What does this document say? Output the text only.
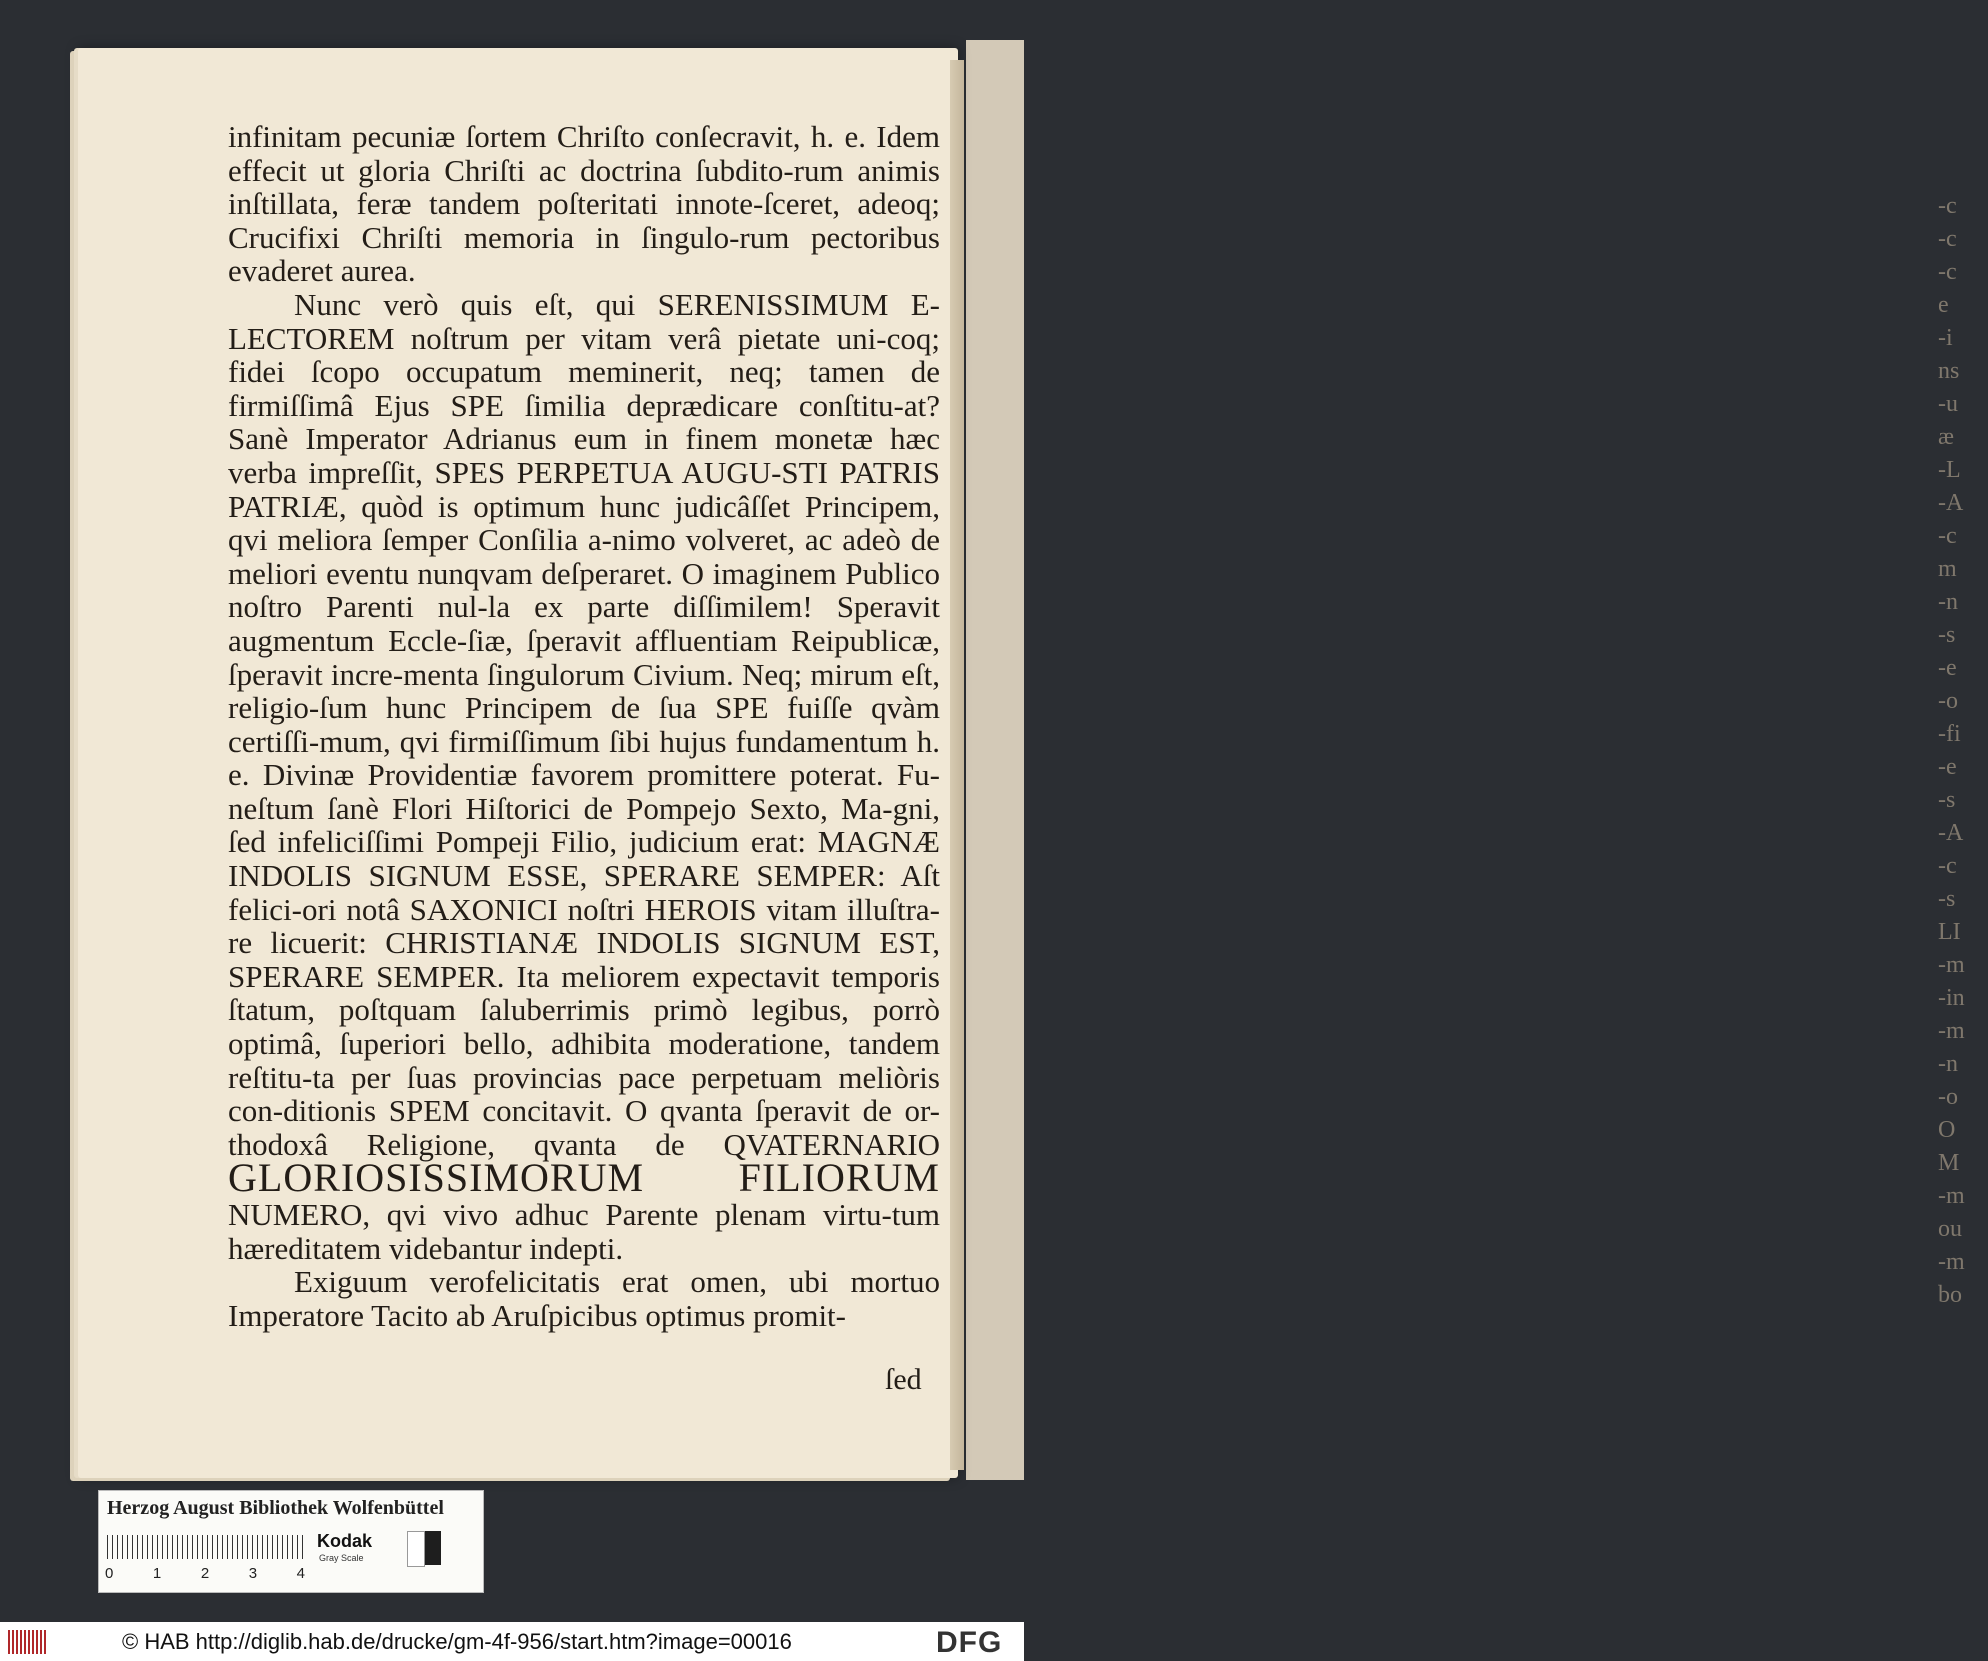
-c
-c
-c
e
-i
ns
-u
æ
-L
-A
-c
m
-n
-s
-e
-o
-fi
-e
-s
-A
-c
-s
LI
-m
-in
-m
-n
-o
O
M
-m
ou
-m
bo

infinitam pecuniæ ſortem Chriſto conſecravit, h. e. Idem effecit ut gloria Chriſti ac doctrina ſubdito-rum animis inſtillata, feræ tandem poſteritati innote-ſceret, adeoq; Crucifixi Chriſti memoria in ſingulo-rum pectoribus evaderet aurea.

Nunc verò quis eſt, qui SERENISSIMUM E-LECTOREM noſtrum per vitam verâ pietate uni-coq; fidei ſcopo occupatum meminerit, neq; tamen de firmiſſimâ Ejus SPE ſimilia deprædicare conſtitu-at? Sanè Imperator Adrianus eum in finem monetæ hæc verba impreſſit, SPES PERPETUA AUGU-STI PATRIS PATRIÆ, quòd is optimum hunc judicâſſet Principem, qvi meliora ſemper Conſilia a-nimo volveret, ac adeò de meliori eventu nunqvam deſperaret. O imaginem Publico noſtro Parenti nul-la ex parte diſſimilem! Speravit augmentum Eccle-ſiæ, ſperavit affluentiam Reipublicæ, ſperavit incre-menta ſingulorum Civium. Neq; mirum eſt, religio-ſum hunc Principem de ſua SPE fuiſſe qvàm certiſſi-mum, qvi firmiſſimum ſibi hujus fundamentum h. e. Divinæ Providentiæ favorem promittere poterat. Fu-neſtum ſanè Flori Hiſtorici de Pompejo Sexto, Ma-gni, ſed infeliciſſimi Pompeji Filio, judicium erat: MAGNÆ INDOLIS SIGNUM ESSE, SPERARE SEMPER: Aſt felici-ori notâ SAXONICI noſtri HEROIS vitam illuſtra-re licuerit: CHRISTIANÆ INDOLIS SIGNUM EST, SPERARE SEMPER. Ita meliorem expectavit temporis ſtatum, poſtquam ſaluberrimis primò legibus, porrò optimâ, ſuperiori bello, adhibita moderatione, tandem reſtitu-ta per ſuas provincias pace perpetuam meliòris con-ditionis SPEM concitavit. O qvanta ſperavit de or-thodoxâ Religione, qvanta de QVATERNARIO GLORIOSISSIMORUM FILIORUM NUMERO, qvi vivo adhuc Parente plenam virtu-tum hæreditatem videbantur indepti.

Exiguum verofelicitatis erat omen, ubi mortuo Imperatore Tacito ab Aruſpicibus optimus promit-

ſed
Herzog August Bibliothek Wolfenbüttel
0	1	2	3	4
Kodak
Gray Scale
© HAB http://diglib.hab.de/drucke/gm-4f-956/start.htm?image=00016	DFG
